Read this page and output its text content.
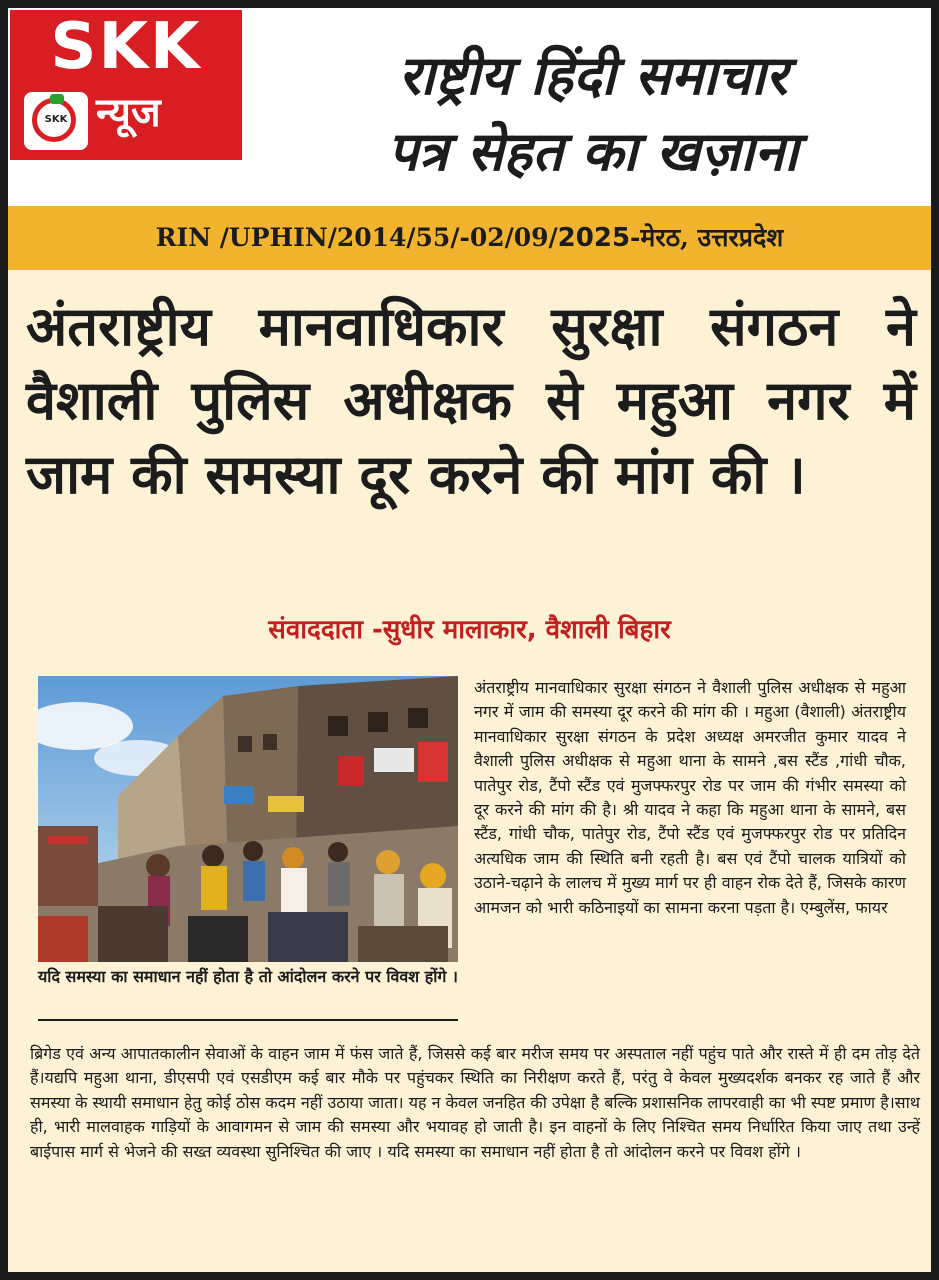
SKK
SKK न्यूज
राष्ट्रीय हिंदी समाचार
पत्र सेहत का खज़ाना
RIN /UPHIN/2014/55/-02/09/2025-मेरठ, उत्तरप्रदेश
अंतराष्ट्रीय मानवाधिकार सुरक्षा संगठन ने वैशाली पुलिस अधीक्षक से महुआ नगर में जाम की समस्या दूर करने की मांग की ।
संवाददाता -सुधीर मालाकार, वैशाली बिहार
यदि समस्या का समाधान नहीं होता है तो आंदोलन करने पर विवश होंगे ।
अंतराष्ट्रीय मानवाधिकार सुरक्षा संगठन ने वैशाली पुलिस अधीक्षक से महुआ नगर में जाम की समस्या दूर करने की मांग की । महुआ (वैशाली) अंतराष्ट्रीय मानवाधिकार सुरक्षा संगठन के प्रदेश अध्यक्ष अमरजीत कुमार यादव ने वैशाली पुलिस अधीक्षक से महुआ थाना के सामने ,बस स्टैंड ,गांधी चौक, पातेपुर रोड, टैंपो स्टैंड एवं मुजफ्फरपुर रोड पर जाम की गंभीर समस्या को दूर करने की मांग की है। श्री यादव ने कहा कि महुआ थाना के सामने, बस स्टैंड, गांधी चौक, पातेपुर रोड, टैंपो स्टैंड एवं मुजफ्फरपुर रोड पर प्रतिदिन अत्यधिक जाम की स्थिति बनी रहती है। बस एवं टैंपो चालक यात्रियों को उठाने-चढ़ाने के लालच में मुख्य मार्ग पर ही वाहन रोक देते हैं, जिसके कारण आमजन को भारी कठिनाइयों का सामना करना पड़ता है। एम्बुलेंस, फायर
ब्रिगेड एवं अन्य आपातकालीन सेवाओं के वाहन जाम में फंस जाते हैं, जिससे कई बार मरीज समय पर अस्पताल नहीं पहुंच पाते और रास्ते में ही दम तोड़ देते हैं।यद्यपि महुआ थाना, डीएसपी एवं एसडीएम कई बार मौके पर पहुंचकर स्थिति का निरीक्षण करते हैं, परंतु वे केवल मुख्यदर्शक बनकर रह जाते हैं और समस्या के स्थायी समाधान हेतु कोई ठोस कदम नहीं उठाया जाता। यह न केवल जनहित की उपेक्षा है बल्कि प्रशासनिक लापरवाही का भी स्पष्ट प्रमाण है।साथ ही, भारी मालवाहक गाड़ियों के आवागमन से जाम की समस्या और भयावह हो जाती है। इन वाहनों के लिए निश्चित समय निर्धारित किया जाए तथा उन्हें बाईपास मार्ग से भेजने की सख्त व्यवस्था सुनिश्चित की जाए । यदि समस्या का समाधान नहीं होता है तो आंदोलन करने पर विवश होंगे ।
